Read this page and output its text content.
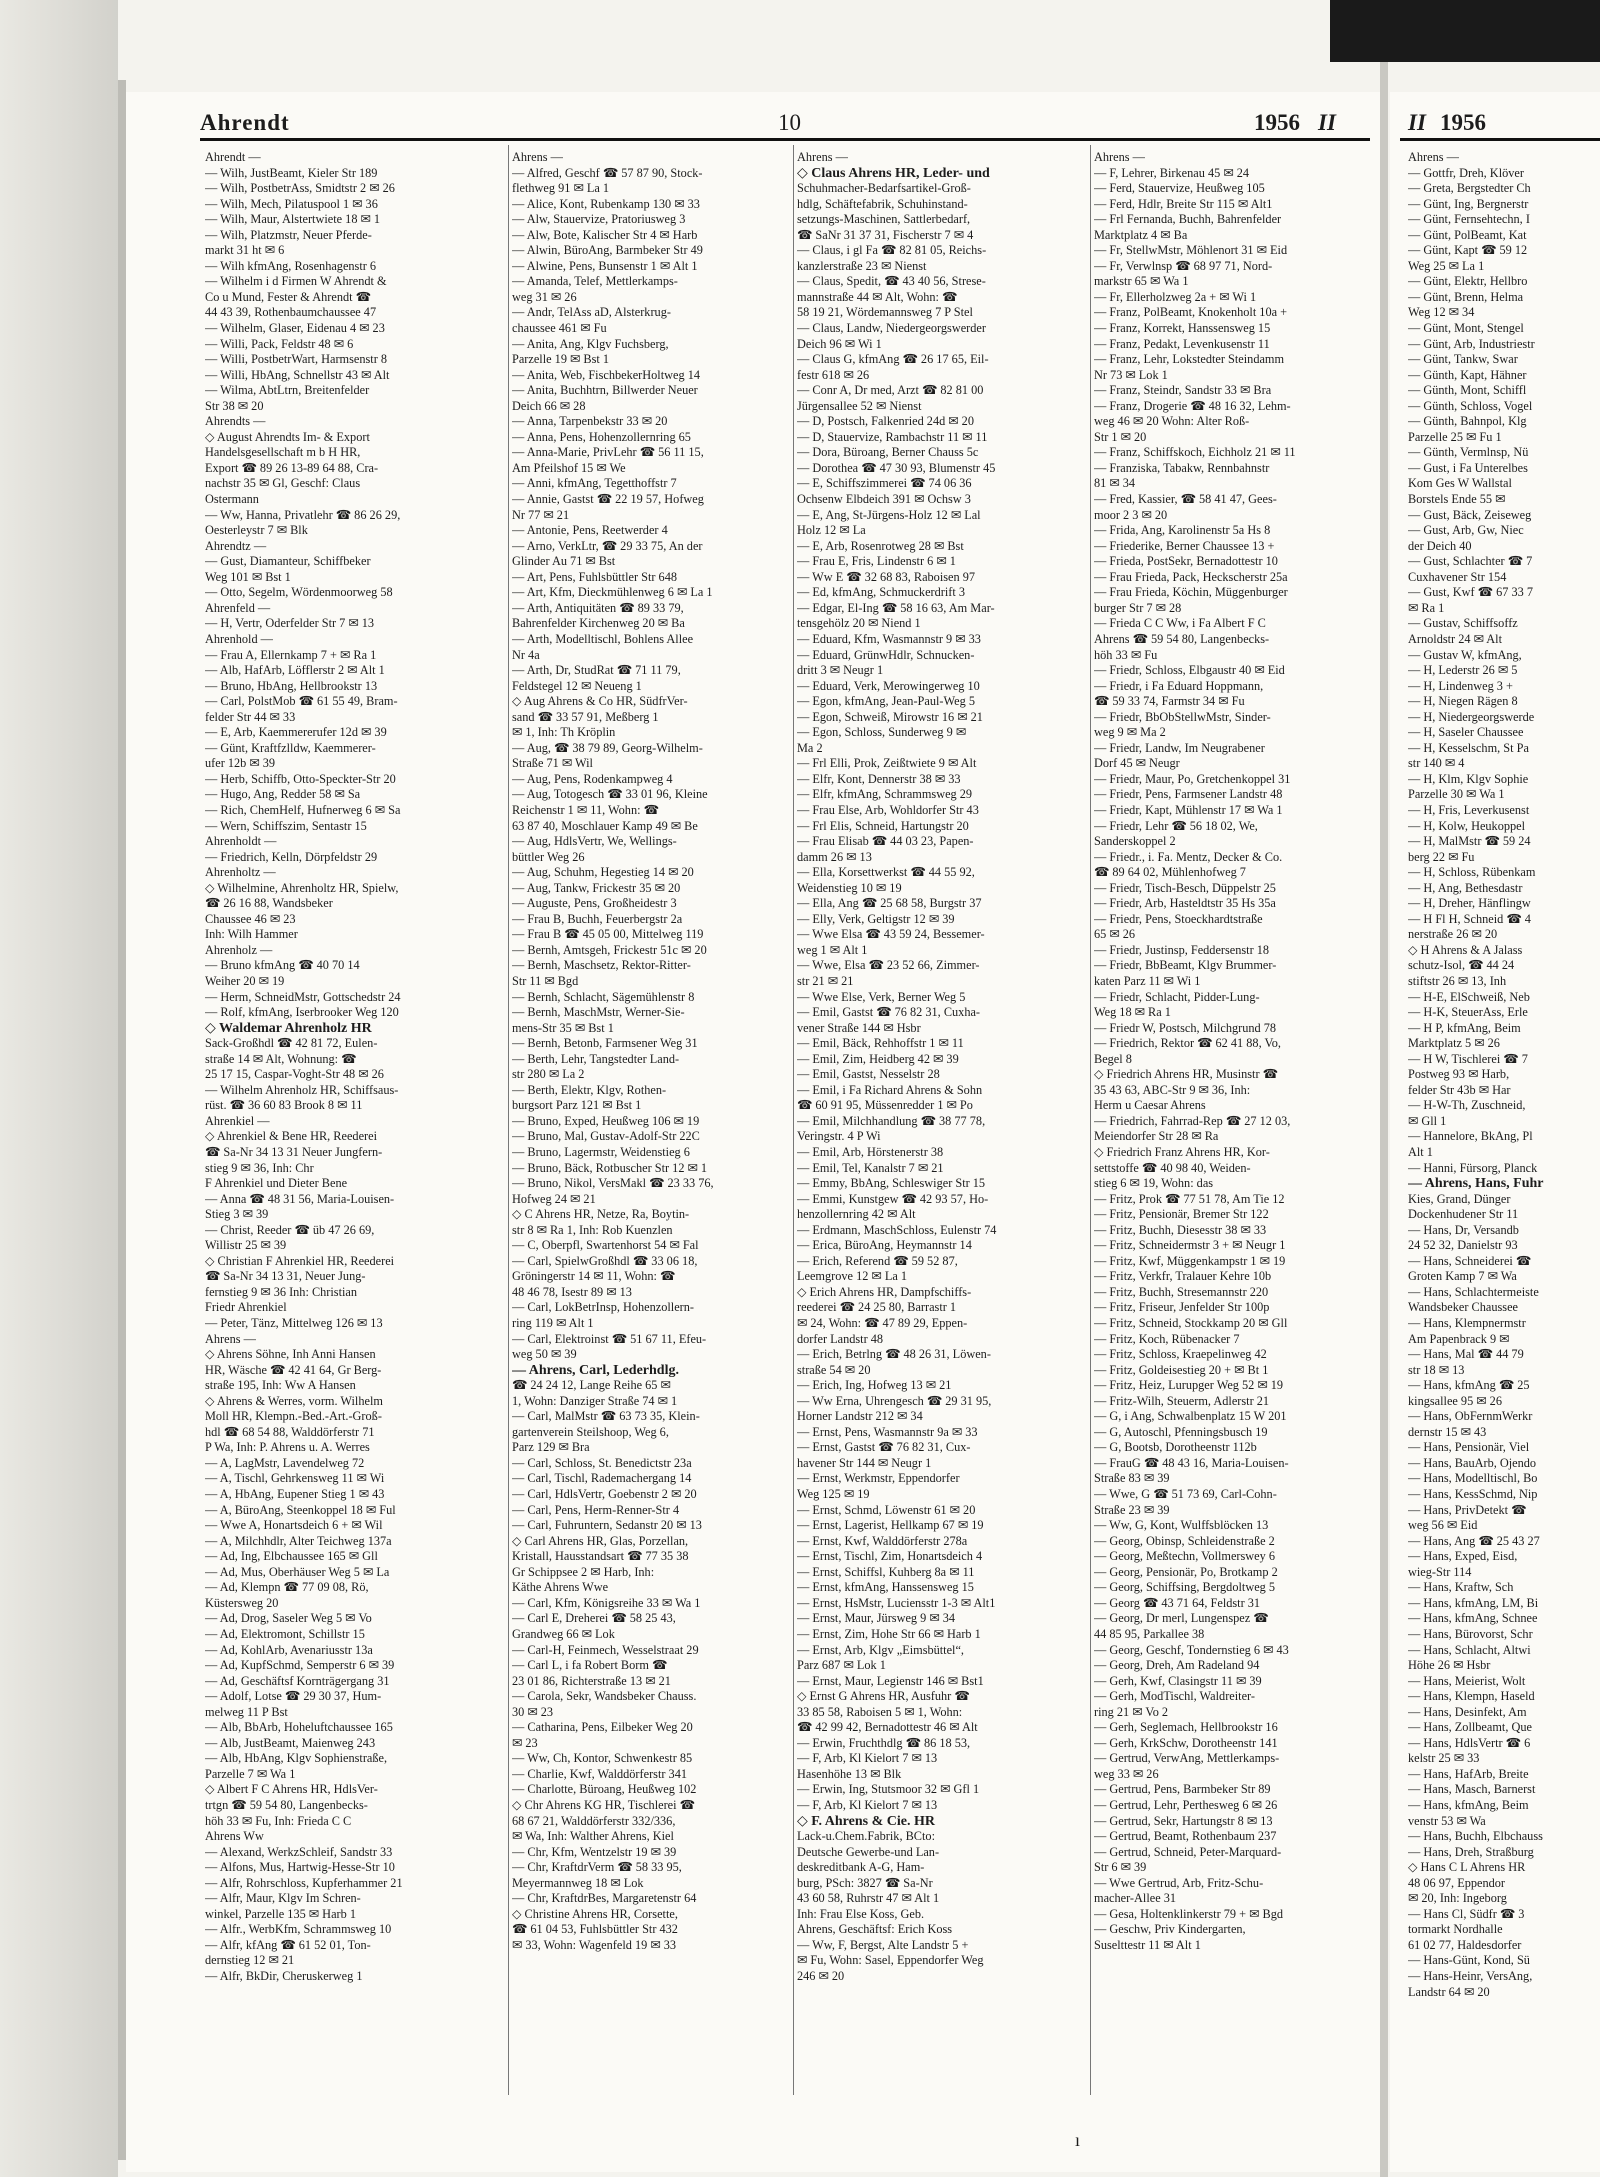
Ahrendt	10	1956 II	II 1956
Ahrendt —
— Wilh, JustBeamt, Kieler Str 189
— Wilh, PostbetrAss, Smidtstr 2 ✉ 26
— Wilh, Mech, Pilatuspool 1 ✉ 36
— Wilh, Maur, Alstertwiete 18 ✉ 1
— Wilh, Platzmstr, Neuer Pferde-
markt 31 ht ✉ 6
— Wilh kfmAng, Rosenhagenstr 6
— Wilhelm i d Firmen W Ahrendt &
Co u Mund, Fester & Ahrendt ☎
44 43 39, Rothenbaumchaussee 47
— Wilhelm, Glaser, Eidenau 4 ✉ 23
— Willi, Pack, Feldstr 48 ✉ 6
— Willi, PostbetrWart, Harmsenstr 8
— Willi, HbAng, Schnellstr 43 ✉ Alt
— Wilma, AbtLtrn, Breitenfelder
Str 38 ✉ 20
Ahrendts —
◇ August Ahrendts Im- & Export
Handelsgesellschaft m b H HR,
Export ☎ 89 26 13-89 64 88, Cra-
nachstr 35 ✉ Gl, Geschf: Claus
Ostermann
— Ww, Hanna, Privatlehr ☎ 86 26 29,
Oesterleystr 7 ✉ Blk
Ahrendtz —
— Gust, Diamanteur, Schiffbeker
Weg 101 ✉ Bst 1
— Otto, Segelm, Wördenmoorweg 58
Ahrenfeld —
— H, Vertr, Oderfelder Str 7 ✉ 13
Ahrenhold —
— Frau A, Ellernkamp 7 + ✉ Ra 1
— Alb, HafArb, Löfflerstr 2 ✉ Alt 1
— Bruno, HbAng, Hellbrookstr 13
— Carl, PolstMob ☎ 61 55 49, Bram-
felder Str 44 ✉ 33
— E, Arb, Kaemmererufer 12d ✉ 39
— Günt, Kraftfzlldw, Kaemmerer-
ufer 12b ✉ 39
— Herb, Schiffb, Otto-Speckter-Str 20
— Hugo, Ang, Redder 58 ✉ Sa
— Rich, ChemHelf, Hufnerweg 6 ✉ Sa
— Wern, Schiffszim, Sentastr 15
Ahrenholdt —
— Friedrich, Kelln, Dörpfeldstr 29
Ahrenholtz —
◇ Wilhelmine, Ahrenholtz HR, Spielw,
☎ 26 16 88, Wandsbeker
Chaussee 46 ✉ 23
Inh: Wilh Hammer
Ahrenholz —
— Bruno kfmAng ☎ 40 70 14
Weiher 20 ✉ 19
— Herm, SchneidMstr, Gottschedstr 24
— Rolf, kfmAng, Iserbrooker Weg 120
◇ Waldemar Ahrenholz HR
Sack-Großhdl ☎ 42 81 72, Eulen-
straße 14 ✉ Alt, Wohnung: ☎
25 17 15, Caspar-Voght-Str 48 ✉ 26
— Wilhelm Ahrenholz HR, Schiffsaus-
rüst. ☎ 36 60 83 Brook 8 ✉ 11
Ahrenkiel —
◇ Ahrenkiel & Bene HR, Reederei
☎ Sa-Nr 34 13 31 Neuer Jungfern-
stieg 9 ✉ 36, Inh: Chr
F Ahrenkiel und Dieter Bene
— Anna ☎ 48 31 56, Maria-Louisen-
Stieg 3 ✉ 39
— Christ, Reeder ☎ üb 47 26 69,
Willistr 25 ✉ 39
◇ Christian F Ahrenkiel HR, Reederei
☎ Sa-Nr 34 13 31, Neuer Jung-
fernstieg 9 ✉ 36 Inh: Christian
Friedr Ahrenkiel
— Peter, Tänz, Mittelweg 126 ✉ 13
Ahrens —
◇ Ahrens Söhne, Inh Anni Hansen
HR, Wäsche ☎ 42 41 64, Gr Berg-
straße 195, Inh: Ww A Hansen
◇ Ahrens & Werres, vorm. Wilhelm
Moll HR, Klempn.-Bed.-Art.-Groß-
hdl ☎ 68 54 88, Walddörferstr 71
P Wa, Inh: P. Ahrens u. A. Werres
— A, LagMstr, Lavendelweg 72
— A, Tischl, Gehrkensweg 11 ✉ Wi
— A, HbAng, Eupener Stieg 1 ✉ 43
— A, BüroAng, Steenkoppel 18 ✉ Ful
— Wwe A, Honartsdeich 6 + ✉ Wil
— A, Milchhdlr, Alter Teichweg 137a
— Ad, Ing, Elbchaussee 165 ✉ Gll
— Ad, Mus, Oberhäuser Weg 5 ✉ La
— Ad, Klempn ☎ 77 09 08, Rö,
Küstersweg 20
— Ad, Drog, Saseler Weg 5 ✉ Vo
— Ad, Elektromont, Schillstr 15
— Ad, KohlArb, Avenariusstr 13a
— Ad, KupfSchmd, Semperstr 6 ✉ 39
— Ad, Geschäftsf Kornträgergang 31
— Adolf, Lotse ☎ 29 30 37, Hum-
melweg 11 P Bst
— Alb, BbArb, Hoheluftchaussee 165
— Alb, JustBeamt, Maienweg 243
— Alb, HbAng, Klgv Sophienstraße,
Parzelle 7 ✉ Wa 1
◇ Albert F C Ahrens HR, HdlsVer-
trtgn ☎ 59 54 80, Langenbecks-
höh 33 ✉ Fu, Inh: Frieda C C
Ahrens Ww
— Alexand, WerkzSchleif, Sandstr 33
— Alfons, Mus, Hartwig-Hesse-Str 10
— Alfr, Rohrschloss, Kupferhammer 21
— Alfr, Maur, Klgv Im Schren-
winkel, Parzelle 135 ✉ Harb 1
— Alfr., WerbKfm, Schrammsweg 10
— Alfr, kfAng ☎ 61 52 01, Ton-
dernstieg 12 ✉ 21
— Alfr, BkDir, Cheruskerweg 1
Ahrens —
— Alfred, Geschf ☎ 57 87 90, Stock-
flethweg 91 ✉ La 1
— Alice, Kont, Rubenkamp 130 ✉ 33
— Alw, Stauervize, Pratoriusweg 3
— Alw, Bote, Kalischer Str 4 ✉ Harb
— Alwin, BüroAng, Barmbeker Str 49
— Alwine, Pens, Bunsenstr 1 ✉ Alt 1
— Amanda, Telef, Mettlerkamps-
weg 31 ✉ 26
— Andr, TelAss aD, Alsterkrug-
chaussee 461 ✉ Fu
— Anita, Ang, Klgv Fuchsberg,
Parzelle 19 ✉ Bst 1
— Anita, Web, FischbekerHoltweg 14
— Anita, Buchhtrn, Billwerder Neuer
Deich 66 ✉ 28
— Anna, Tarpenbekstr 33 ✉ 20
— Anna, Pens, Hohenzollernring 65
— Anna-Marie, PrivLehr ☎ 56 11 15,
Am Pfeilshof 15 ✉ We
— Anni, kfmAng, Tegetthoffstr 7
— Annie, Gastst ☎ 22 19 57, Hofweg
Nr 77 ✉ 21
— Antonie, Pens, Reetwerder 4
— Arno, VerkLtr, ☎ 29 33 75, An der
Glinder Au 71 ✉ Bst
— Art, Pens, Fuhlsbüttler Str 648
— Art, Kfm, Dieckmühlenweg 6 ✉ La 1
— Arth, Antiquitäten ☎ 89 33 79,
Bahrenfelder Kirchenweg 20 ✉ Ba
— Arth, Modelltischl, Bohlens Allee
Nr 4a
— Arth, Dr, StudRat ☎ 71 11 79,
Feldstegel 12 ✉ Neueng 1
◇ Aug Ahrens & Co HR, SüdfrVer-
sand ☎ 33 57 91, Meßberg 1
✉ 1, Inh: Th Kröplin
— Aug, ☎ 38 79 89, Georg-Wilhelm-
Straße 71 ✉ Wil
— Aug, Pens, Rodenkampweg 4
— Aug, Totogesch ☎ 33 01 96, Kleine
Reichenstr 1 ✉ 11, Wohn: ☎
63 87 40, Moschlauer Kamp 49 ✉ Be
— Aug, HdlsVertr, We, Wellings-
büttler Weg 26
— Aug, Schuhm, Hegestieg 14 ✉ 20
— Aug, Tankw, Frickestr 35 ✉ 20
— Auguste, Pens, Großheidestr 3
— Frau B, Buchh, Feuerbergstr 2a
— Frau B ☎ 45 05 00, Mittelweg 119
— Bernh, Amtsgeh, Frickestr 51c ✉ 20
— Bernh, Maschsetz, Rektor-Ritter-
Str 11 ✉ Bgd
— Bernh, Schlacht, Sägemühlenstr 8
— Bernh, MaschMstr, Werner-Sie-
mens-Str 35 ✉ Bst 1
— Bernh, Betonb, Farmsener Weg 31
— Berth, Lehr, Tangstedter Land-
str 280 ✉ La 2
— Berth, Elektr, Klgv, Rothen-
burgsort Parz 121 ✉ Bst 1
— Bruno, Exped, Heußweg 106 ✉ 19
— Bruno, Mal, Gustav-Adolf-Str 22C
— Bruno, Lagermstr, Weidenstieg 6
— Bruno, Bäck, Rotbuscher Str 12 ✉ 1
— Bruno, Nikol, VersMakl ☎ 23 33 76,
Hofweg 24 ✉ 21
◇ C Ahrens HR, Netze, Ra, Boytin-
str 8 ✉ Ra 1, Inh: Rob Kuenzlen
— C, Oberpfl, Swartenhorst 54 ✉ Fal
— Carl, SpielwGroßhdl ☎ 33 06 18,
Gröningerstr 14 ✉ 11, Wohn: ☎
48 46 78, Isestr 89 ✉ 13
— Carl, LokBetrInsp, Hohenzollern-
ring 119 ✉ Alt 1
— Carl, Elektroinst ☎ 51 67 11, Efeu-
weg 50 ✉ 39
— Ahrens, Carl, Lederhdlg.
☎ 24 24 12, Lange Reihe 65 ✉
1, Wohn: Danziger Straße 74 ✉ 1
— Carl, MalMstr ☎ 63 73 35, Klein-
gartenverein Steilshoop, Weg 6,
Parz 129 ✉ Bra
— Carl, Schloss, St. Benedictstr 23a
— Carl, Tischl, Rademachergang 14
— Carl, HdlsVertr, Goebenstr 2 ✉ 20
— Carl, Pens, Herm-Renner-Str 4
— Carl, Fuhruntern, Sedanstr 20 ✉ 13
◇ Carl Ahrens HR, Glas, Porzellan,
Kristall, Hausstandsart ☎ 77 35 38
Gr Schippsee 2 ✉ Harb, Inh:
Käthe Ahrens Wwe
— Carl, Kfm, Königsreihe 33 ✉ Wa 1
— Carl E, Dreherei ☎ 58 25 43,
Grandweg 66 ✉ Lok
— Carl-H, Feinmech, Wesselstraat 29
— Carl L, i fa Robert Borm ☎
23 01 86, Richterstraße 13 ✉ 21
— Carola, Sekr, Wandsbeker Chauss.
30 ✉ 23
— Catharina, Pens, Eilbeker Weg 20
✉ 23
— Ww, Ch, Kontor, Schwenkestr 85
— Charlie, Kwf, Walddörferstr 341
— Charlotte, Büroang, Heußweg 102
◇ Chr Ahrens KG HR, Tischlerei ☎
68 67 21, Walddörferstr 332/336,
✉ Wa, Inh: Walther Ahrens, Kiel
— Chr, Kfm, Wentzelstr 19 ✉ 39
— Chr, KraftdrVerm ☎ 58 33 95,
Meyermannweg 18 ✉ Lok
— Chr, KraftdrBes, Margaretenstr 64
◇ Christine Ahrens HR, Corsette,
☎ 61 04 53, Fuhlsbüttler Str 432
✉ 33, Wohn: Wagenfeld 19 ✉ 33
Ahrens —
◇ Claus Ahrens HR, Leder- und
Schuhmacher-Bedarfsartikel-Groß-
hdlg, Schäftefabrik, Schuhinstand-
setzungs-Maschinen, Sattlerbedarf,
☎ SaNr 31 37 31, Fischerstr 7 ✉ 4
— Claus, i gl Fa ☎ 82 81 05, Reichs-
kanzlerstraße 23 ✉ Nienst
— Claus, Spedit, ☎ 43 40 56, Strese-
mannstraße 44 ✉ Alt, Wohn: ☎
58 19 21, Wördemannsweg 7 P Stel
— Claus, Landw, Niedergeorgswerder
Deich 96 ✉ Wi 1
— Claus G, kfmAng ☎ 26 17 65, Eil-
festr 618 ✉ 26
— Conr A, Dr med, Arzt ☎ 82 81 00
Jürgensallee 52 ✉ Nienst
— D, Postsch, Falkenried 24d ✉ 20
— D, Stauervize, Rambachstr 11 ✉ 11
— Dora, Büroang, Berner Chauss 5c
— Dorothea ☎ 47 30 93, Blumenstr 45
— E, Schiffszimmerei ☎ 74 06 36
Ochsenw Elbdeich 391 ✉ Ochsw 3
— E, Ang, St-Jürgens-Holz 12 ✉ Lal
Holz 12 ✉ La
— E, Arb, Rosenrotweg 28 ✉ Bst
— Frau E, Fris, Lindenstr 6 ✉ 1
— Ww E ☎ 32 68 83, Raboisen 97
— Ed, kfmAng, Schmuckerdrift 3
— Edgar, El-Ing ☎ 58 16 63, Am Mar-
tensgehölz 20 ✉ Niend 1
— Eduard, Kfm, Wasmannstr 9 ✉ 33
— Eduard, GrünwHdlr, Schnucken-
dritt 3 ✉ Neugr 1
— Eduard, Verk, Merowingerweg 10
— Egon, kfmAng, Jean-Paul-Weg 5
— Egon, Schweiß, Mirowstr 16 ✉ 21
— Egon, Schloss, Sunderweg 9 ✉
Ma 2
— Frl Elli, Prok, Zeißtwiete 9 ✉ Alt
— Elfr, Kont, Dennerstr 38 ✉ 33
— Elfr, kfmAng, Schrammsweg 29
— Frau Else, Arb, Wohldorfer Str 43
— Frl Elis, Schneid, Hartungstr 20
— Frau Elisab ☎ 44 03 23, Papen-
damm 26 ✉ 13
— Ella, Korsettwerkst ☎ 44 55 92,
Weidenstieg 10 ✉ 19
— Ella, Ang ☎ 25 68 58, Burgstr 37
— Elly, Verk, Geltigstr 12 ✉ 39
— Wwe Elsa ☎ 43 59 24, Bessemer-
weg 1 ✉ Alt 1
— Wwe, Elsa ☎ 23 52 66, Zimmer-
str 21 ✉ 21
— Wwe Else, Verk, Berner Weg 5
— Emil, Gastst ☎ 76 82 31, Cuxha-
vener Straße 144 ✉ Hsbr
— Emil, Bäck, Rehhoffstr 1 ✉ 11
— Emil, Zim, Heidberg 42 ✉ 39
— Emil, Gastst, Nesselstr 28
— Emil, i Fa Richard Ahrens & Sohn
☎ 60 91 95, Müssenredder 1 ✉ Po
— Emil, Milchhandlung ☎ 38 77 78,
Veringstr. 4 P Wi
— Emil, Arb, Hörstenerstr 38
— Emil, Tel, Kanalstr 7 ✉ 21
— Emmy, BbAng, Schleswiger Str 15
— Emmi, Kunstgew ☎ 42 93 57, Ho-
henzollernring 42 ✉ Alt
— Erdmann, MaschSchloss, Eulenstr 74
— Erica, BüroAng, Heymannstr 14
— Erich, Referend ☎ 59 52 87,
Leemgrove 12 ✉ La 1
◇ Erich Ahrens HR, Dampfschiffs-
reederei ☎ 24 25 80, Barrastr 1
✉ 24, Wohn: ☎ 47 89 29, Eppen-
dorfer Landstr 48
— Erich, Betrlng ☎ 48 26 31, Löwen-
straße 54 ✉ 20
— Erich, Ing, Hofweg 13 ✉ 21
— Ww Erna, Uhrengesch ☎ 29 31 95,
Horner Landstr 212 ✉ 34
— Ernst, Pens, Wasmannstr 9a ✉ 33
— Ernst, Gastst ☎ 76 82 31, Cux-
havener Str 144 ✉ Neugr 1
— Ernst, Werkmstr, Eppendorfer
Weg 125 ✉ 19
— Ernst, Schmd, Löwenstr 61 ✉ 20
— Ernst, Lagerist, Hellkamp 67 ✉ 19
— Ernst, Kwf, Walddörferstr 278a
— Ernst, Tischl, Zim, Honartsdeich 4
— Ernst, Schiffsl, Kuhberg 8a ✉ 11
— Ernst, kfmAng, Hanssensweg 15
— Ernst, HsMstr, Luciensstr 1-3 ✉ Alt1
— Ernst, Maur, Jürsweg 9 ✉ 34
— Ernst, Zim, Hohe Str 66 ✉ Harb 1
— Ernst, Arb, Klgv „Eimsbüttel“,
Parz 687 ✉ Lok 1
— Ernst, Maur, Legienstr 146 ✉ Bst1
◇ Ernst G Ahrens HR, Ausfuhr ☎
33 85 58, Raboisen 5 ✉ 1, Wohn:
☎ 42 99 42, Bernadottestr 46 ✉ Alt
— Erwin, Fruchthdlg ☎ 86 18 53,
— F, Arb, Kl Kielort 7 ✉ 13
Hasenhöhe 13 ✉ Blk
— Erwin, Ing, Stutsmoor 32 ✉ Gfl 1
— F, Arb, Kl Kielort 7 ✉ 13
◇ F. Ahrens & Cie. HR
Lack-u.Chem.Fabrik, BCto:
Deutsche Gewerbe-und Lan-
deskreditbank A-G, Ham-
burg, PSch: 3827 ☎ Sa-Nr
43 60 58, Ruhrstr 47 ✉ Alt 1
Inh: Frau Else Koss, Geb.
Ahrens, Geschäftsf: Erich Koss
— Ww, F, Bergst, Alte Landstr 5 +
✉ Fu, Wohn: Sasel, Eppendorfer Weg
246 ✉ 20
Ahrens —
— F, Lehrer, Birkenau 45 ✉ 24
— Ferd, Stauervize, Heußweg 105
— Ferd, Hdlr, Breite Str 115 ✉ Alt1
— Frl Fernanda, Buchh, Bahrenfelder
Marktplatz 4 ✉ Ba
— Fr, StellwMstr, Möhlenort 31 ✉ Eid
— Fr, Verwlnsp ☎ 68 97 71, Nord-
markstr 65 ✉ Wa 1
— Fr, Ellerholzweg 2a + ✉ Wi 1
— Franz, PolBeamt, Knokenholt 10a +
— Franz, Korrekt, Hanssensweg 15
— Franz, Pedakt, Levenkusenstr 11
— Franz, Lehr, Lokstedter Steindamm
Nr 73 ✉ Lok 1
— Franz, Steindr, Sandstr 33 ✉ Bra
— Franz, Drogerie ☎ 48 16 32, Lehm-
weg 46 ✉ 20 Wohn: Alter Roß-
Str 1 ✉ 20
— Franz, Schiffskoch, Eichholz 21 ✉ 11
— Franziska, Tabakw, Rennbahnstr
81 ✉ 34
— Fred, Kassier, ☎ 58 41 47, Gees-
moor 2 3 ✉ 20
— Frida, Ang, Karolinenstr 5a Hs 8
— Friederike, Berner Chaussee 13 +
— Frieda, PostSekr, Bernadottestr 10
— Frau Frieda, Pack, Heckscherstr 25a
— Frau Frieda, Köchin, Müggenburger
burger Str 7 ✉ 28
— Frieda C C Ww, i Fa Albert F C
Ahrens ☎ 59 54 80, Langenbecks-
höh 33 ✉ Fu
— Friedr, Schloss, Elbgaustr 40 ✉ Eid
— Friedr, i Fa Eduard Hoppmann,
☎ 59 33 74, Farmstr 34 ✉ Fu
— Friedr, BbObStellwMstr, Sinder-
weg 9 ✉ Ma 2
— Friedr, Landw, Im Neugrabener
Dorf 45 ✉ Neugr
— Friedr, Maur, Po, Gretchenkoppel 31
— Friedr, Pens, Farmsener Landstr 48
— Friedr, Kapt, Mühlenstr 17 ✉ Wa 1
— Friedr, Lehr ☎ 56 18 02, We,
Sanderskoppel 2
— Friedr., i. Fa. Mentz, Decker & Co.
☎ 89 64 02, Mühlenhofweg 7
— Friedr, Tisch-Besch, Düppelstr 25
— Friedr, Arb, Hasteldtstr 35 Hs 35a
— Friedr, Pens, Stoeckhardtstraße
65 ✉ 26
— Friedr, Justinsp, Feddersenstr 18
— Friedr, BbBeamt, Klgv Brummer-
katen Parz 11 ✉ Wi 1
— Friedr, Schlacht, Pidder-Lung-
Weg 18 ✉ Ra 1
— Friedr W, Postsch, Milchgrund 78
— Friedrich, Rektor ☎ 62 41 88, Vo,
Begel 8
◇ Friedrich Ahrens HR, Musinstr ☎
35 43 63, ABC-Str 9 ✉ 36, Inh:
Herm u Caesar Ahrens
— Friedrich, Fahrrad-Rep ☎ 27 12 03,
Meiendorfer Str 28 ✉ Ra
◇ Friedrich Franz Ahrens HR, Kor-
settstoffe ☎ 40 98 40, Weiden-
stieg 6 ✉ 19, Wohn: das
— Fritz, Prok ☎ 77 51 78, Am Tie 12
— Fritz, Pensionär, Bremer Str 122
— Fritz, Buchh, Diesesstr 38 ✉ 33
— Fritz, Schneidermstr 3 + ✉ Neugr 1
— Fritz, Kwf, Müggenkampstr 1 ✉ 19
— Fritz, Verkfr, Tralauer Kehre 10b
— Fritz, Buchh, Stresemannstr 220
— Fritz, Friseur, Jenfelder Str 100p
— Fritz, Schneid, Stockkamp 20 ✉ Gll
— Fritz, Koch, Rübenacker 7
— Fritz, Schloss, Kraepelinweg 42
— Fritz, Goldeisestieg 20 + ✉ Bt 1
— Fritz, Heiz, Lurupger Weg 52 ✉ 19
— Fritz-Wilh, Steuerm, Adlerstr 21
— G, i Ang, Schwalbenplatz 15 W 201
— G, Autoschl, Pfenningsbusch 19
— G, Bootsb, Dorotheenstr 112b
— FrauG ☎ 48 43 16, Maria-Louisen-
Straße 83 ✉ 39
— Wwe, G ☎ 51 73 69, Carl-Cohn-
Straße 23 ✉ 39
— Ww, G, Kont, Wulffsblöcken 13
— Georg, Obinsp, Schleidenstraße 2
— Georg, Meßtechn, Vollmerswey 6
— Georg, Pensionär, Po, Brotkamp 2
— Georg, Schiffsing, Bergdoltweg 5
— Georg ☎ 43 71 64, Feldstr 31
— Georg, Dr merl, Lungenspez ☎
44 85 95, Parkallee 38
— Georg, Geschf, Tondernstieg 6 ✉ 43
— Georg, Dreh, Am Radeland 94
— Gerh, Kwf, Clasingstr 11 ✉ 39
— Gerh, ModTischl, Waldreiter-
ring 21 ✉ Vo 2
— Gerh, Seglemach, Hellbrookstr 16
— Gerh, KrkSchw, Dorotheenstr 141
— Gertrud, VerwAng, Mettlerkamps-
weg 33 ✉ 26
— Gertrud, Pens, Barmbeker Str 89
— Gertrud, Lehr, Perthesweg 6 ✉ 26
— Gertrud, Sekr, Hartungstr 8 ✉ 13
— Gertrud, Beamt, Rothenbaum 237
— Gertrud, Schneid, Peter-Marquard-
Str 6 ✉ 39
— Wwe Gertrud, Arb, Fritz-Schu-
macher-Allee 31
— Gesa, Holtenklinkerstr 79 + ✉ Bgd
— Geschw, Priv Kindergarten,
Suselttestr 11 ✉ Alt 1
Ahrens —
— Gottfr, Dreh, Klöver
— Greta, Bergstedter Ch
— Günt, Ing, Bergnerstr
— Günt, Fernsehtechn, I
— Günt, PolBeamt, Kat
— Günt, Kapt ☎ 59 12
Weg 25 ✉ La 1
— Günt, Elektr, Hellbro
— Günt, Brenn, Helma
Weg 12 ✉ 34
— Günt, Mont, Stengel
— Günt, Arb, Industriestr
— Günt, Tankw, Swar
— Günth, Kapt, Hähner
— Günth, Mont, Schiffl
— Günth, Schloss, Vogel
— Günth, Bahnpol, Klg
Parzelle 25 ✉ Fu 1
— Günth, Vermlnsp, Nü
— Gust, i Fa Unterelbes
Kom Ges W Wallstal
Borstels Ende 55 ✉
— Gust, Bäck, Zeiseweg
— Gust, Arb, Gw, Niec
der Deich 40
— Gust, Schlachter ☎ 7
Cuxhavener Str 154
— Gust, Kwf ☎ 67 33 7
✉ Ra 1
— Gustav, Schiffsoffz
Arnoldstr 24 ✉ Alt
— Gustav W, kfmAng,
— H, Lederstr 26 ✉ 5
— H, Lindenweg 3 +
— H, Niegen Rägen 8
— H, Niedergeorgswerde
— H, Saseler Chaussee
— H, Kesselschm, St Pa
str 140 ✉ 4
— H, Klm, Klgv Sophie
Parzelle 30 ✉ Wa 1
— H, Fris, Leverkusenst
— H, Kolw, Heukoppel
— H, MalMstr ☎ 59 24
berg 22 ✉ Fu
— H, Schloss, Rübenkam
— H, Ang, Bethesdastr
— H, Dreher, Hänflingw
— H Fl H, Schneid ☎ 4
nerstraße 26 ✉ 20
◇ H Ahrens & A Jalass
schutz-Isol, ☎ 44 24
stiftstr 26 ✉ 13, Inh
— H-E, ElSchweiß, Neb
— H-K, SteuerAss, Erle
— H P, kfmAng, Beim
Marktplatz 5 ✉ 26
— H W, Tischlerei ☎ 7
Postweg 93 ✉ Harb,
felder Str 43b ✉ Har
— H-W-Th, Zuschneid,
✉ Gll 1
— Hannelore, BkAng, Pl
Alt 1
— Hanni, Fürsorg, Planck
— Ahrens, Hans, Fuhr
Kies, Grand, Dünger
Dockenhudener Str 11
— Hans, Dr, Versandb
24 52 32, Danielstr 93
— Hans, Schneiderei ☎
Groten Kamp 7 ✉ Wa
— Hans, Schlachtermeiste
Wandsbeker Chaussee
— Hans, Klempnermstr
Am Papenbrack 9 ✉
— Hans, Mal ☎ 44 79
str 18 ✉ 13
— Hans, kfmAng ☎ 25
kingsallee 95 ✉ 26
— Hans, ObFernmWerkr
dernstr 15 ✉ 43
— Hans, Pensionär, Viel
— Hans, BauArb, Ojendo
— Hans, Modelltischl, Bo
— Hans, KessSchmd, Nip
— Hans, PrivDetekt ☎
weg 56 ✉ Eid
— Hans, Ang ☎ 25 43 27
— Hans, Exped, Eisd,
wieg-Str 114
— Hans, Kraftw, Sch
— Hans, kfmAng, LM, Bi
— Hans, kfmAng, Schnee
— Hans, Bürovorst, Schr
— Hans, Schlacht, Altwi
Höhe 26 ✉ Hsbr
— Hans, Meierist, Wolt
— Hans, Klempn, Haseld
— Hans, Desinfekt, Am
— Hans, Zollbeamt, Que
— Hans, HdlsVertr ☎ 6
kelstr 25 ✉ 33
— Hans, HafArb, Breite
— Hans, Masch, Barnerst
— Hans, kfmAng, Beim
venstr 53 ✉ Wa
— Hans, Buchh, Elbchauss
— Hans, Dreh, Straßburg
◇ Hans C L Ahrens HR
48 06 97, Eppendor
✉ 20, Inh: Ingeborg
— Hans Cl, Südfr ☎ 3
tormarkt Nordhalle
61 02 77, Haldesdorfer
— Hans-Günt, Kond, Sü
— Hans-Heinr, VersAng,
Landstr 64 ✉ 20
ı
